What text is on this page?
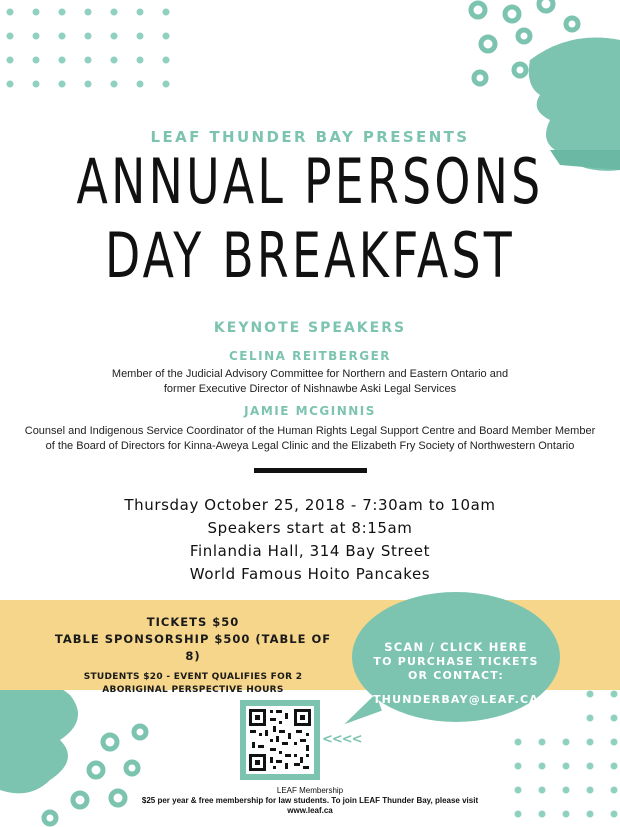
LEAF THUNDER BAY PRESENTS
ANNUAL PERSONS
DAY BREAKFAST
KEYNOTE SPEAKERS
CELINA REITBERGER
Member of the Judicial Advisory Committee for Northern and Eastern Ontario and
former Executive Director of Nishnawbe Aski Legal Services
JAMIE MCGINNIS
Counsel and Indigenous Service Coordinator of the Human Rights Legal Support Centre and Board Member Member
of the Board of Directors for Kinna-Aweya Legal Clinic and the Elizabeth Fry Society of Northwestern Ontario
Thursday October 25, 2018 - 7:30am to 10am
Speakers start at 8:15am
Finlandia Hall, 314 Bay Street
World Famous Hoito Pancakes
TICKETS $50
TABLE SPONSORSHIP $500 (TABLE OF 8)
STUDENTS $20 - EVENT QUALIFIES FOR 2
ABORIGINAL PERSPECTIVE HOURS
SCAN / CLICK HERE
TO PURCHASE TICKETS
OR CONTACT:
THUNDERBAY@LEAF.CA
<<<<
LEAF Membership
$25 per year & free membership for law students. To join LEAF Thunder Bay, please visit
www.leaf.ca
